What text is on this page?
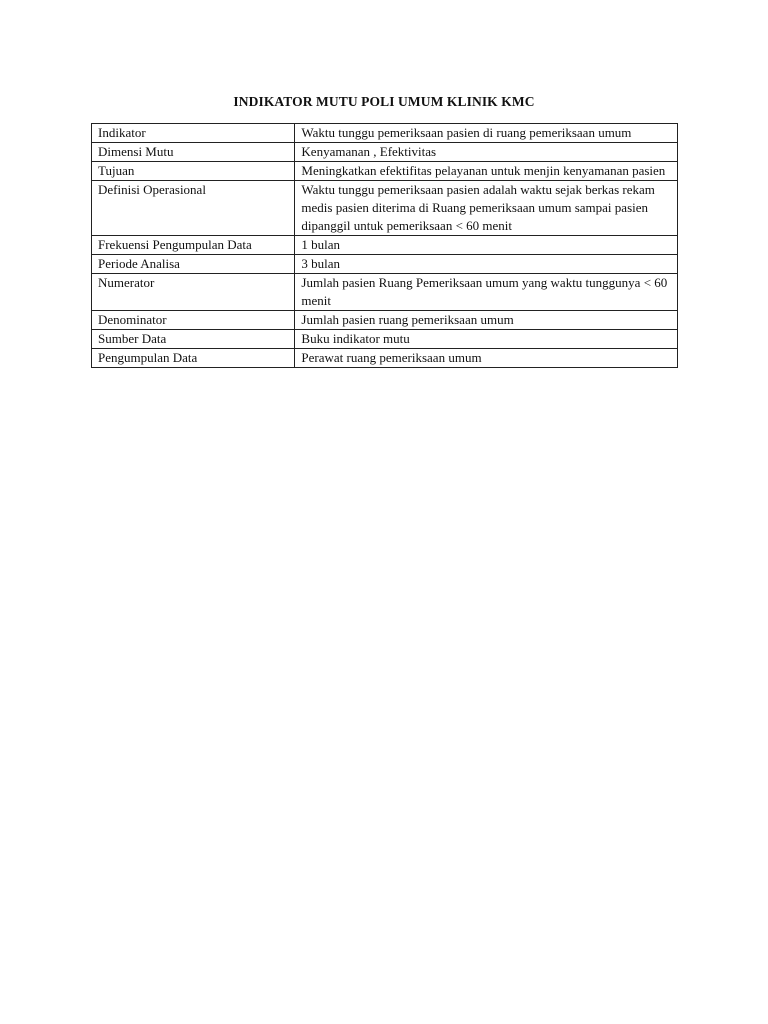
INDIKATOR MUTU POLI UMUM KLINIK KMC
Indikator	Waktu tunggu pemeriksaan pasien di ruang pemeriksaan umum
Dimensi Mutu	Kenyamanan , Efektivitas
Tujuan	Meningkatkan efektifitas pelayanan untuk menjin kenyamanan pasien
Definisi Operasional	Waktu tunggu pemeriksaan pasien adalah waktu sejak berkas rekam medis pasien diterima di Ruang pemeriksaan umum sampai pasien dipanggil untuk pemeriksaan < 60 menit
Frekuensi Pengumpulan Data	1 bulan
Periode Analisa	3 bulan
Numerator	Jumlah pasien Ruang Pemeriksaan umum yang waktu tunggunya < 60 menit
Denominator	Jumlah pasien ruang pemeriksaan umum
Sumber Data	Buku indikator mutu
Pengumpulan Data	Perawat ruang pemeriksaan umum
